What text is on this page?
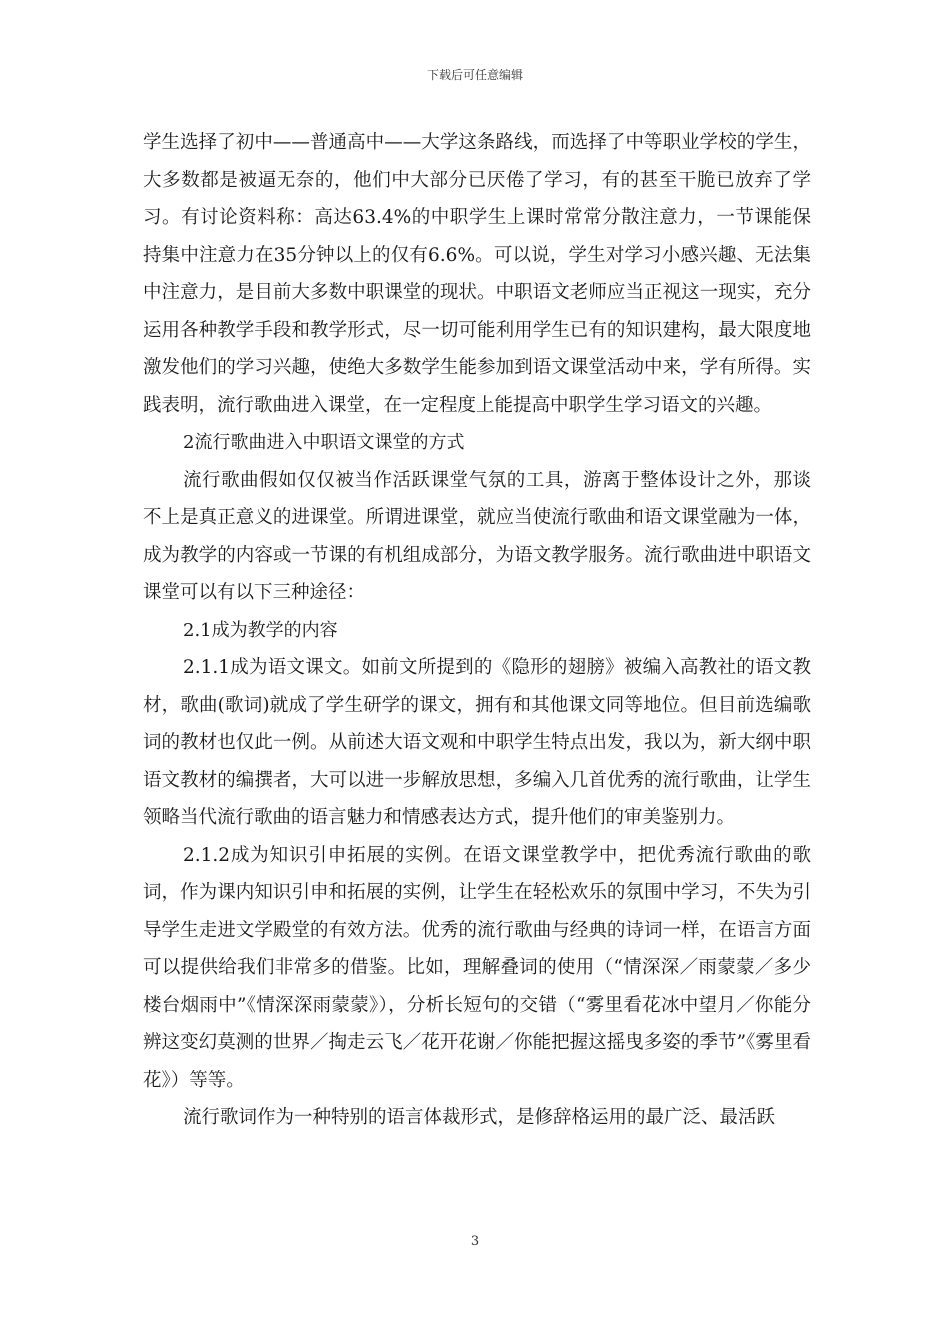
下载后可任意编辑

学生选择了初中——普通高中——大学这条路线，而选择了中等职业学校的学生，大多数都是被逼无奈的，他们中大部分已厌倦了学习，有的甚至干脆已放弃了学习。有讨论资料称：高达63.4%的中职学生上课时常常分散注意力，一节课能保持集中注意力在35分钟以上的仅有6.6%。可以说，学生对学习小感兴趣、无法集中注意力，是目前大多数中职课堂的现状。中职语文老师应当正视这一现实，充分运用各种教学手段和教学形式，尽一切可能利用学生已有的知识建构，最大限度地激发他们的学习兴趣，使绝大多数学生能参加到语文课堂活动中来，学有所得。实践表明，流行歌曲进入课堂，在一定程度上能提高中职学生学习语文的兴趣。

2流行歌曲进入中职语文课堂的方式

流行歌曲假如仅仅被当作活跃课堂气氛的工具，游离于整体设计之外，那谈不上是真正意义的进课堂。所谓进课堂，就应当使流行歌曲和语文课堂融为一体，成为教学的内容或一节课的有机组成部分，为语文教学服务。流行歌曲进中职语文课堂可以有以下三种途径：

2.1成为教学的内容

2.1.1成为语文课文。如前文所提到的《隐形的翅膀》被编入高教社的语文教材，歌曲(歌词)就成了学生研学的课文，拥有和其他课文同等地位。但目前选编歌词的教材也仅此一例。从前述大语文观和中职学生特点出发，我以为，新大纲中职语文教材的编撰者，大可以进一步解放思想，多编入几首优秀的流行歌曲，让学生领略当代流行歌曲的语言魅力和情感表达方式，提升他们的审美鉴别力。

2.1.2成为知识引申拓展的实例。在语文课堂教学中，把优秀流行歌曲的歌词，作为课内知识引申和拓展的实例，让学生在轻松欢乐的氛围中学习，不失为引导学生走进文学殿堂的有效方法。优秀的流行歌曲与经典的诗词一样，在语言方面可以提供给我们非常多的借鉴。比如，理解叠词的使用（“情深深／雨蒙蒙／多少楼台烟雨中”《情深深雨蒙蒙》），分析长短句的交错（“雾里看花冰中望月／你能分辨这变幻莫测的世界／掏走云飞／花开花谢／你能把握这摇曳多姿的季节”《雾里看花》）等等。

流行歌词作为一种特别的语言体裁形式，是修辞格运用的最广泛、最活跃

3
